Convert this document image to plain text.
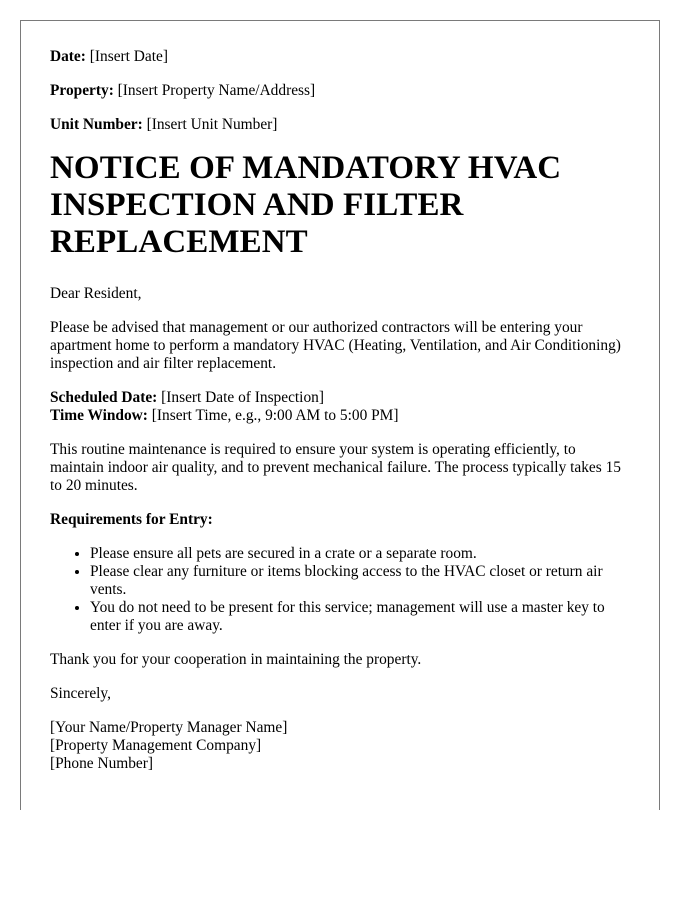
Date: [Insert Date]
Property: [Insert Property Name/Address]
Unit Number: [Insert Unit Number]
NOTICE OF MANDATORY HVAC INSPECTION AND FILTER REPLACEMENT

Dear Resident,

Please be advised that management or our authorized contractors will be entering your apartment home to perform a mandatory HVAC (Heating, Ventilation, and Air Conditioning) inspection and air filter replacement.

Scheduled Date: [Insert Date of Inspection]
Time Window: [Insert Time, e.g., 9:00 AM to 5:00 PM]

This routine maintenance is required to ensure your system is operating efficiently, to maintain indoor air quality, and to prevent mechanical failure. The process typically takes 15 to 20 minutes.

Requirements for Entry:
• Please ensure all pets are secured in a crate or a separate room.
• Please clear any furniture or items blocking access to the HVAC closet or return air vents.
• You do not need to be present for this service; management will use a master key to enter if you are away.

Thank you for your cooperation in maintaining the property.

Sincerely,

[Your Name/Property Manager Name]
[Property Management Company]
[Phone Number]
